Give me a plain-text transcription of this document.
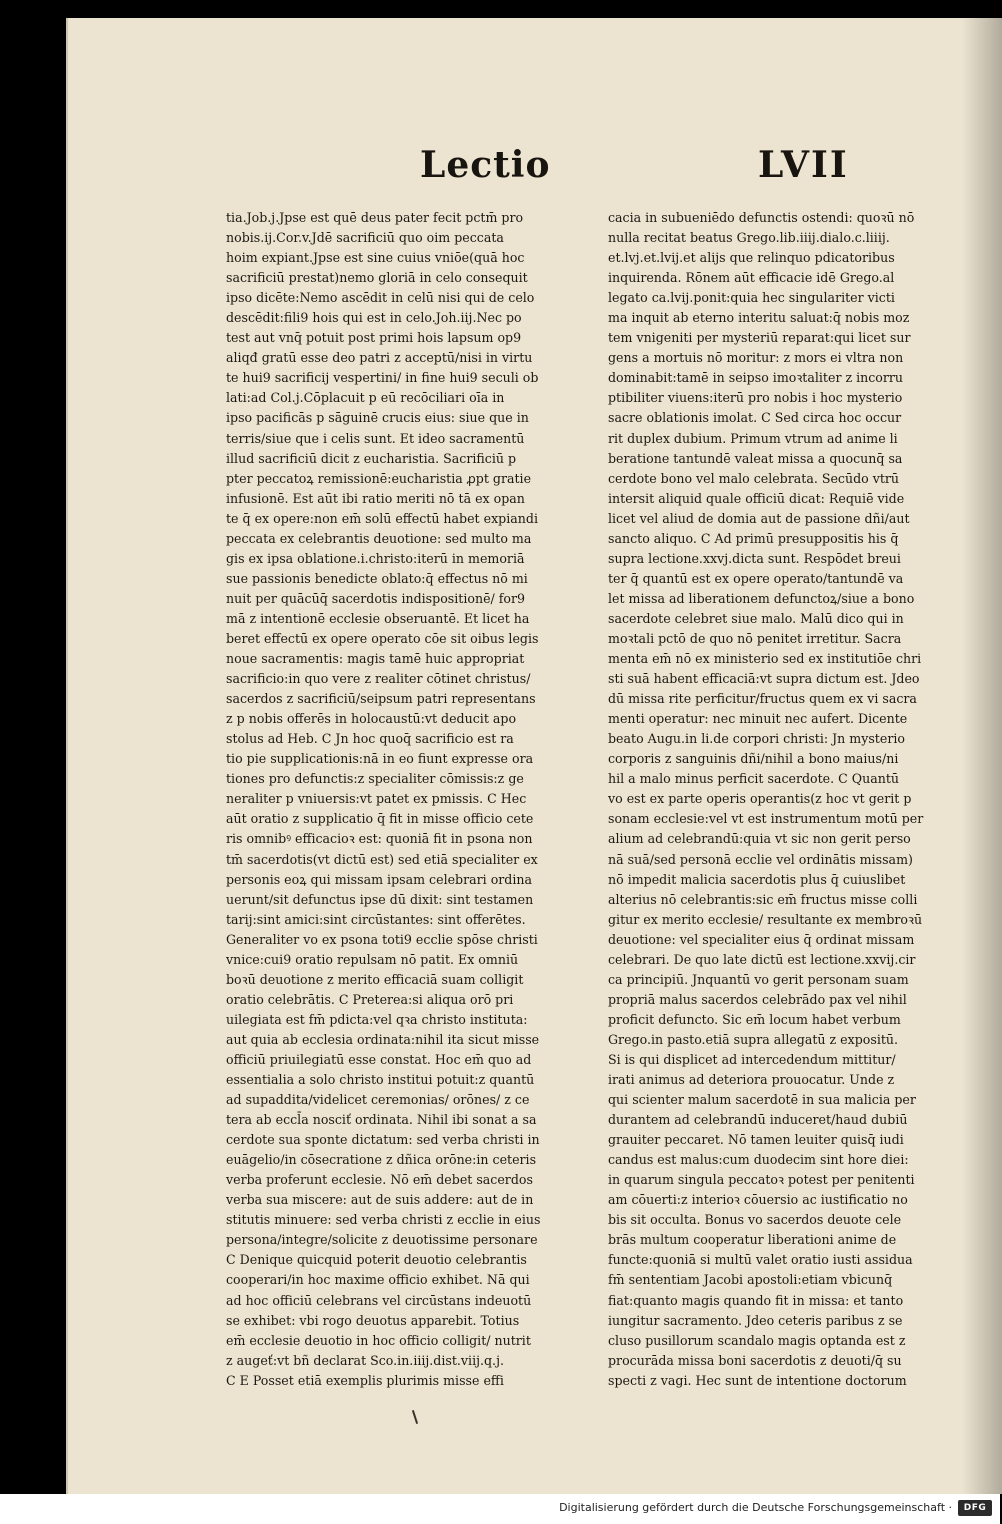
Lectio	LVII
tia.Job.j.Jpse est quē deus pater fecit pctm̄ pro
nobis.ij.Cor.v.Jdē sacrificiū quo oim peccata
hoim expiant.Jpse est sine cuius vniōe(quā hoc
sacrificiū prestat)nemo gloriā in celo consequit
ipso dicēte:Nemo ascēdit in celū nisi qui de celo
descēdit:fili9 hois qui est in celo.Joh.iij.Nec po
test aut vnq̄ potuit post primi hois lapsum op9
aliqđ gratū esse deo patri z acceptū/nisi in virtu
te hui9 sacrificij vespertini/ in fine hui9 seculi ob
lati:ad Col.j.Cōplacuit p eū recōciliari oīa in
ipso pacificās p sāguinē crucis eius: siue que in
terris/siue que i celis sunt. Et ideo sacramentū
illud sacrificiū dicit z eucharistia. Sacrificiū p
pter peccatoꝝ remissionē:eucharistia ꝓpt gratie
infusionē. Est aūt ibi ratio meriti nō tā ex opan
te q̄ ex opere:non em̄ solū effectū habet expiandi
peccata ex celebrantis deuotione: sed multo ma
gis ex ipsa oblatione.i.christo:iterū in memoriā
sue passionis benedicte oblato:q̄ effectus nō mi
nuit per quācūq̄ sacerdotis indispositionē/ for9
mā z intentionē ecclesie obseruantē. Et licet ha
beret effectū ex opere operato cōe sit oibus legis
noue sacramentis: magis tamē huic appropriat
sacrificio:in quo vere z realiter cōtinet christus/
sacerdos z sacrificiū/seipsum patri representans
z p nobis offerēs in holocaustū:vt deducit apo
stolus ad Heb. C Jn hoc quoq̄ sacrificio est ra
tio pie supplicationis:nā in eo fiunt expresse ora
tiones pro defunctis:z specialiter cōmissis:z ge
neraliter p vniuersis:vt patet ex pmissis. C Hec
aūt oratio z supplicatio q̄ fit in misse officio cete
ris omnibꝰ efficacioꝛ est: quoniā fit in psona non
tm̄ sacerdotis(vt dictū est) sed etiā specialiter ex
personis eoꝝ qui missam ipsam celebrari ordina
uerunt/sit defunctus ipse dū dixit: sint testamen
tarij:sint amici:sint circūstantes: sint offerētes.
Generaliter vo ex psona toti9 ecclie spōse christi
vnice:cui9 oratio repulsam nō patit. Ex omniū
boꝛū deuotione z merito efficaciā suam colligit
oratio celebrātis. C Preterea:si aliqua orō pri
uilegiata est fm̄ pdicta:vel qꝛa christo instituta:
aut quia ab ecclesia ordinata:nihil ita sicut misse
officiū priuilegiatū esse constat. Hoc em̄ quo ad
essentialia a solo christo institui potuit:z quantū
ad supaddita/videlicet ceremonias/ orōnes/ z ce
tera ab eccl̄a nosciť ordinata. Nihil ibi sonat a sa
cerdote sua sponte dictatum: sed verba christi in
euāgelio/in cōsecratione z dñica orōne:in ceteris
verba proferunt ecclesie. Nō em̄ debet sacerdos
verba sua miscere: aut de suis addere: aut de in
stitutis minuere: sed verba christi z ecclie in eius
persona/integre/solicite z deuotissime personare
C Denique quicquid poterit deuotio celebrantis
cooperari/in hoc maxime officio exhibet. Nā qui
ad hoc officiū celebrans vel circūstans indeuotū
se exhibet: vbi rogo deuotus apparebit. Totius
em̄ ecclesie deuotio in hoc officio colligit/ nutrit
z augeť:vt bñ declarat Sco.in.iiij.dist.viij.q.j.
C E Posset etiā exemplis plurimis misse effi
cacia in subueniēdo defunctis ostendi: quoꝛū nō
nulla recitat beatus Grego.lib.iiij.dialo.c.liiij.
et.lvj.et.lvij.et alijs que relinquo pdicatoribus
inquirenda. Rōnem aūt efficacie idē Grego.al
legato ca.lvij.ponit:quia hec singulariter victi
ma inquit ab eterno interitu saluat:q̄ nobis moz
tem vnigeniti per mysteriū reparat:qui licet sur
gens a mortuis nō moritur: z mors ei vltra non
dominabit:tamē in seipso imoꝛtaliter z incorru
ptibiliter viuens:iterū pro nobis i hoc mysterio
sacre oblationis imolat. C Sed circa hoc occur
rit duplex dubium. Primum vtrum ad anime li
beratione tantundē valeat missa a quocunq̄ sa
cerdote bono vel malo celebrata. Secūdo vtrū
intersit aliquid quale officiū dicat: Requiē vide
licet vel aliud de domia aut de passione dñi/aut
sancto aliquo. C Ad primū presuppositis his q̄
supra lectione.xxvj.dicta sunt. Respōdet breui
ter q̄ quantū est ex opere operato/tantundē va
let missa ad liberationem defunctoꝝ/siue a bono
sacerdote celebret siue malo. Malū dico qui in
moꝛtali pctō de quo nō penitet irretitur. Sacra
menta em̄ nō ex ministerio sed ex institutiōe chri
sti suā habent efficaciā:vt supra dictum est. Jdeo
dū missa rite perficitur/fructus quem ex vi sacra
menti operatur: nec minuit nec aufert. Dicente
beato Augu.in li.de corpori christi: Jn mysterio
corporis z sanguinis dñi/nihil a bono maius/ni
hil a malo minus perficit sacerdote. C Quantū
vo est ex parte operis operantis(z hoc vt gerit p
sonam ecclesie:vel vt est instrumentum motū per
alium ad celebrandū:quia vt sic non gerit perso
nā suā/sed personā ecclie vel ordinātis missam)
nō impedit malicia sacerdotis plus q̄ cuiuslibet
alterius nō celebrantis:sic em̄ fructus misse colli
gitur ex merito ecclesie/ resultante ex membroꝛū
deuotione: vel specialiter eius q̄ ordinat missam
celebrari. De quo late dictū est lectione.xxvij.cir
ca principiū. Jnquantū vo gerit personam suam
propriā malus sacerdos celebrādo pax vel nihil
proficit defuncto. Sic em̄ locum habet verbum
Grego.in pasto.etiā supra allegatū z expositū.
Si is qui displicet ad intercedendum mittitur/
irati animus ad deteriora prouocatur. Unde z
qui scienter malum sacerdotē in sua malicia per
durantem ad celebrandū induceret/haud dubiū
grauiter peccaret. Nō tamen leuiter quisq̄ iudi
candus est malus:cum duodecim sint hore diei:
in quarum singula peccatoꝛ potest per penitenti
am cōuerti:z interioꝛ cōuersio ac iustificatio no
bis sit occulta. Bonus vo sacerdos deuote cele
brās multum cooperatur liberationi anime de
functe:quoniā si multū valet oratio iusti assidua
fm̄ sententiam Jacobi apostoli:etiam vbicunq̄
fiat:quanto magis quando fit in missa: et tanto
iungitur sacramento. Jdeo ceteris paribus z se
cluso pusillorum scandalo magis optanda est z
procurāda missa boni sacerdotis z deuoti/q̄ su
specti z vagi. Hec sunt de intentione doctorum
Digitalisierung gefördert durch die Deutsche Forschungsgemeinschaft ·	DFG
